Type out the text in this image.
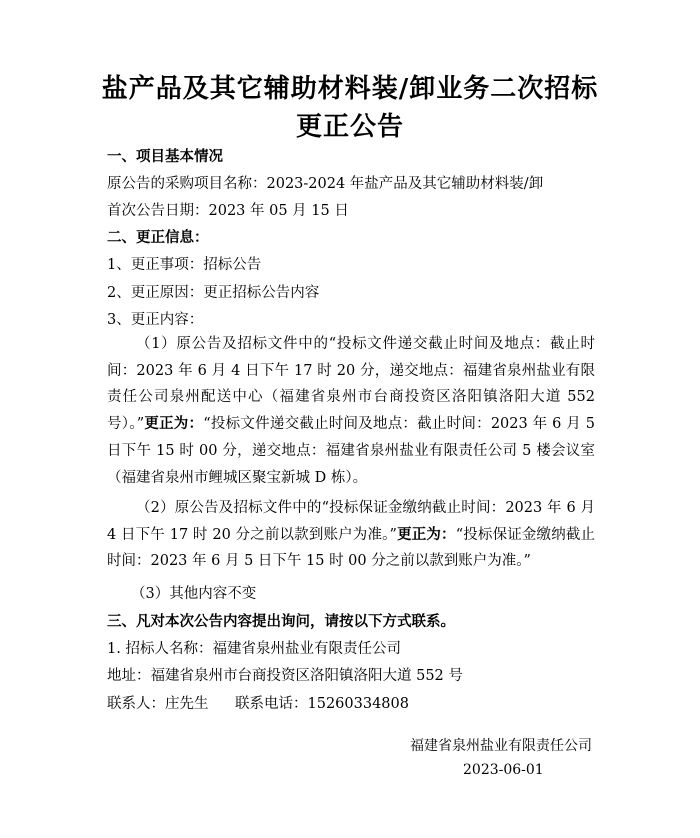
盐产品及其它辅助材料装/卸业务二次招标
更正公告
一、项目基本情况
原公告的采购项目名称：2023-2024 年盐产品及其它辅助材料装/卸
首次公告日期：2023 年 05 月 15 日
二、更正信息：
1、更正事项：招标公告
2、更正原因：更正招标公告内容
3、更正内容：
（1）原公告及招标文件中的“投标文件递交截止时间及地点：截止时间：2023 年 6 月 4 日下午 17 时 20 分，递交地点：福建省泉州盐业有限责任公司泉州配送中心（福建省泉州市台商投资区洛阳镇洛阳大道 552 号）。”更正为：“投标文件递交截止时间及地点：截止时间：2023 年 6 月 5 日下午 15 时 00 分，递交地点：福建省泉州盐业有限责任公司 5 楼会议室（福建省泉州市鲤城区聚宝新城 D 栋）。
（2）原公告及招标文件中的“投标保证金缴纳截止时间：2023 年 6 月 4 日下午 17 时 20 分之前以款到账户为准。”更正为：“投标保证金缴纳截止时间：2023 年 6 月 5 日下午 15 时 00 分之前以款到账户为准。”
（3）其他内容不变
三、凡对本次公告内容提出询问，请按以下方式联系。
1. 招标人名称：福建省泉州盐业有限责任公司
地址：福建省泉州市台商投资区洛阳镇洛阳大道 552 号
联系人：庄先生 联系电话：15260334808
福建省泉州盐业有限责任公司
2023-06-01
